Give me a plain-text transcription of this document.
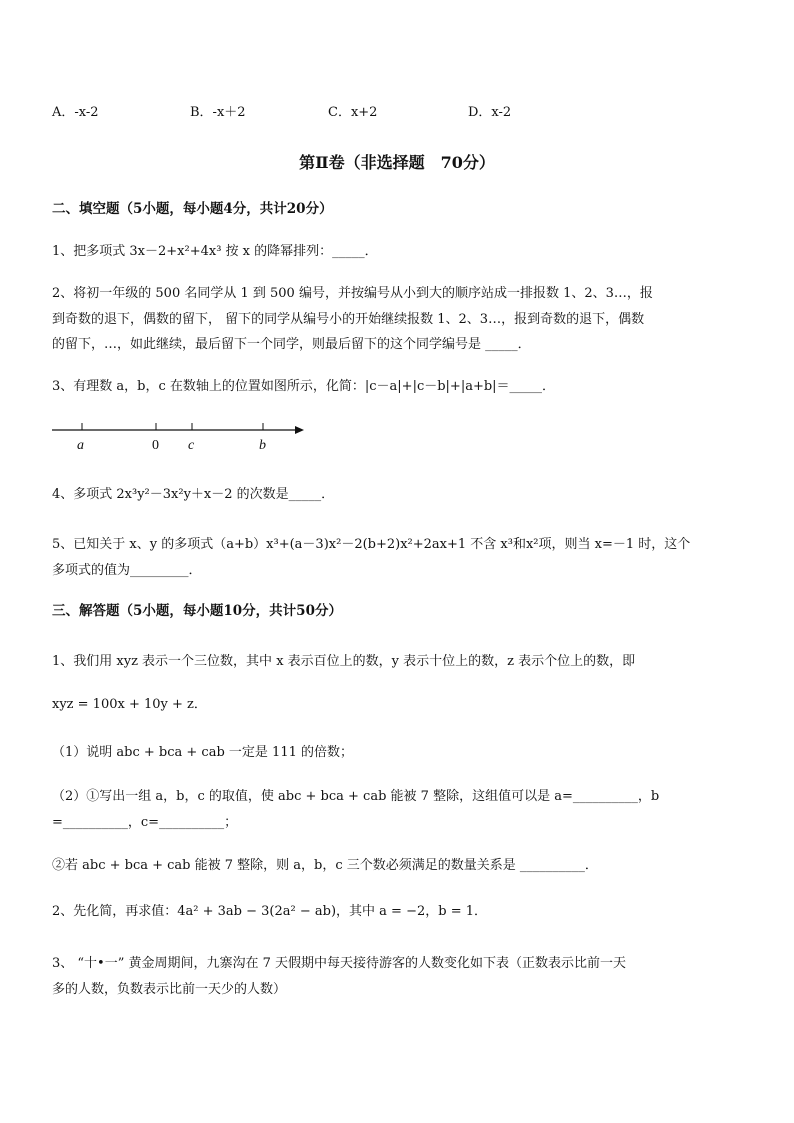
A．-x-2	B．-x＋2	C．x+2	D．x-2
第Ⅱ卷（非选择题　70分）
二、填空题（5小题，每小题4分，共计20分）
1、把多项式 3x－2+x²+4x³ 按 x 的降幂排列：_____．
2、将初一年级的 500 名同学从 1 到 500 编号，并按编号从小到大的顺序站成一排报数 1、2、3…，报
到奇数的退下，偶数的留下， 留下的同学从编号小的开始继续报数 1、2、3…，报到奇数的退下，偶数
的留下，…，如此继续，最后留下一个同学，则最后留下的这个同学编号是 _____．
3、有理数 a，b，c 在数轴上的位置如图所示，化简：|c－a|+|c－b|+|a+b|＝_____．
a	0 c	b
4、多项式 2x³y²－3x²y＋x－2 的次数是_____．
5、已知关于 x、y 的多项式（a+b）x³+(a－3)x²－2(b+2)x²+2ax+1 不含 x³和x²项，则当 x=－1 时，这个
多项式的值为_________．
三、解答题（5小题，每小题10分，共计50分）
1、我们用 xyz 表示一个三位数，其中 x 表示百位上的数，y 表示十位上的数，z 表示个位上的数，即
xyz = 100x + 10y + z．
（1）说明 abc + bca + cab 一定是 111 的倍数；
（2）①写出一组 a，b，c 的取值，使 abc + bca + cab 能被 7 整除，这组值可以是 a=__________，b
=__________，c=__________；
②若 abc + bca + cab 能被 7 整除，则 a，b，c 三个数必须满足的数量关系是 __________．
2、先化简，再求值：4a² + 3ab − 3(2a² − ab)，其中 a = −2，b = 1．
3、 “十•一” 黄金周期间，九寨沟在 7 天假期中每天接待游客的人数变化如下表（正数表示比前一天
多的人数，负数表示比前一天少的人数）
